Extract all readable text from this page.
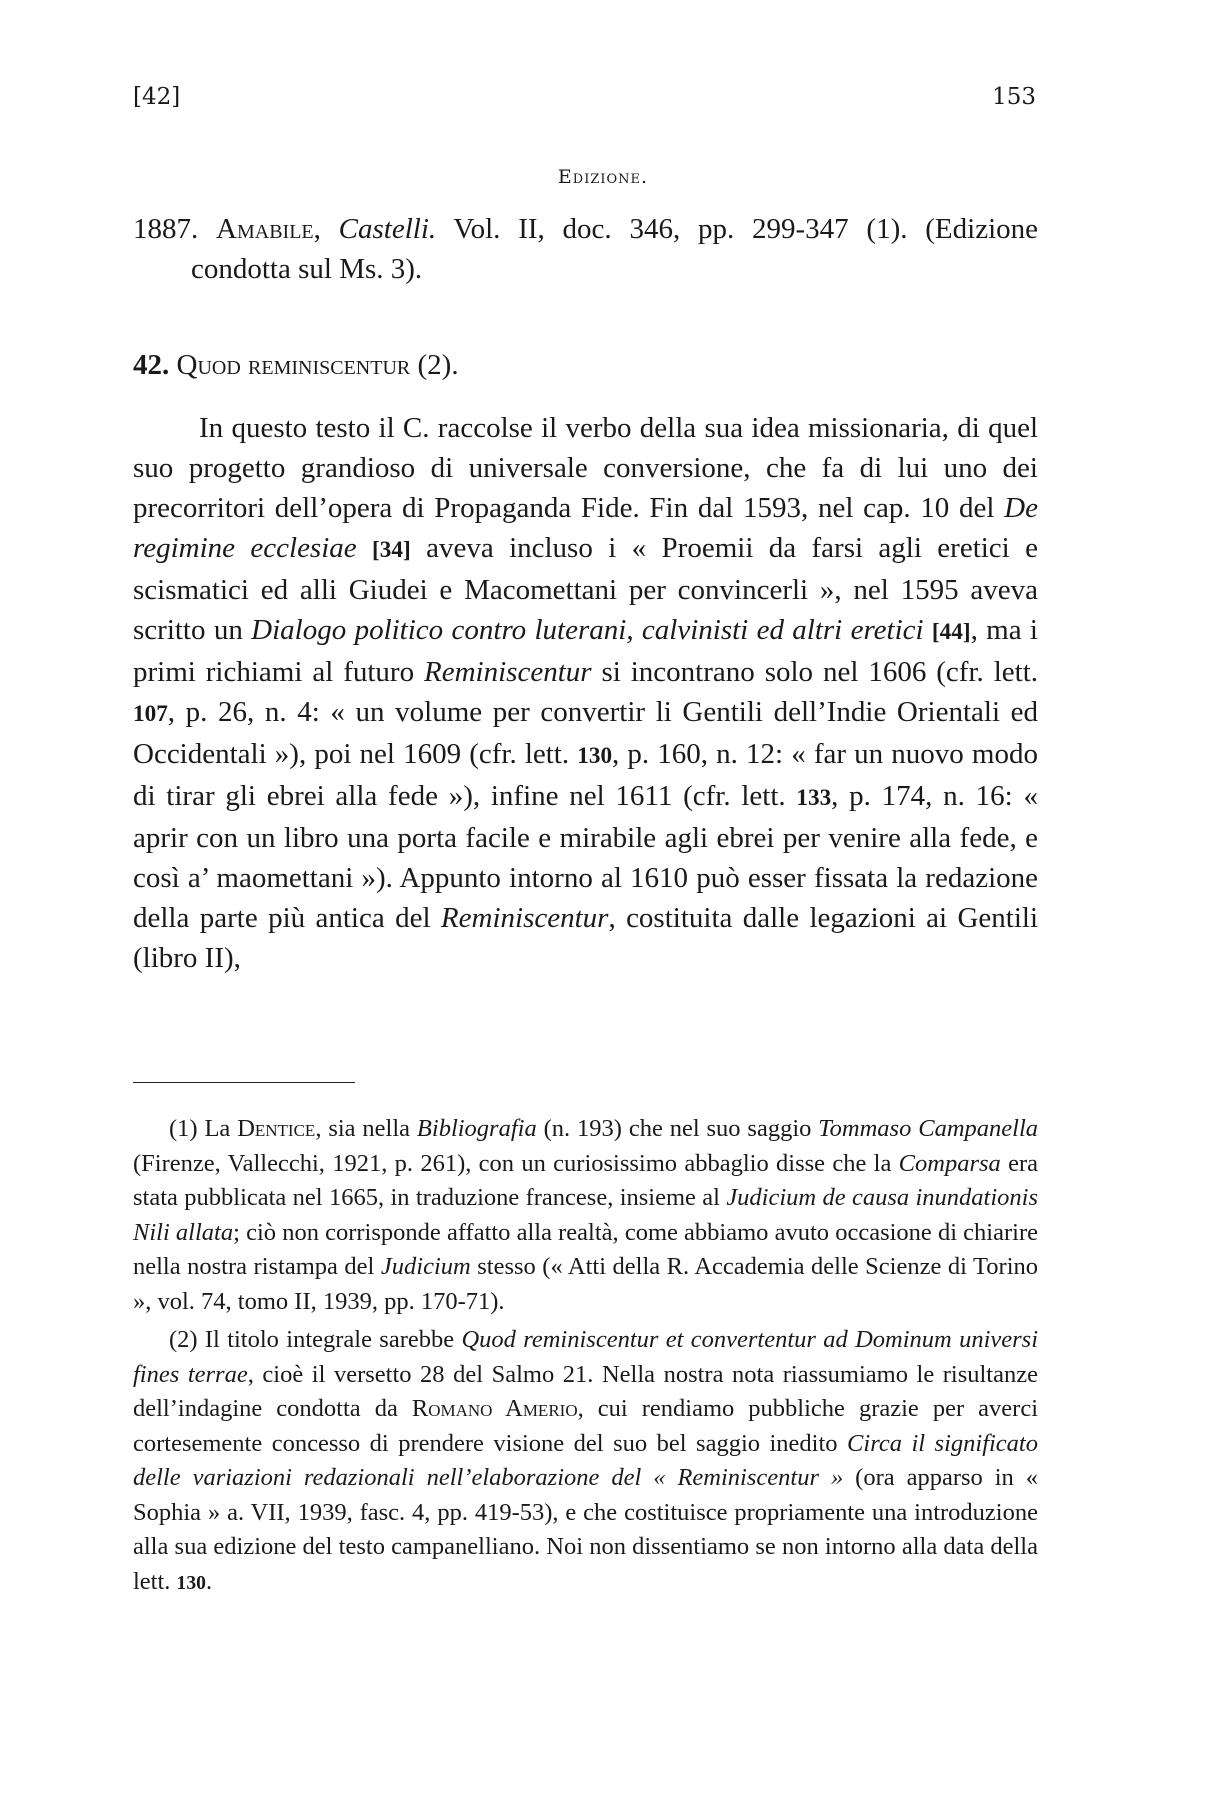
[42]	153
Edizione.

1887. Amabile, Castelli. Vol. II, doc. 346, pp. 299-347 (1). (Edizione condotta sul Ms. 3).

42. Quod reminiscentur (2).

In questo testo il C. raccolse il verbo della sua idea missionaria, di quel suo progetto grandioso di universale conversione, che fa di lui uno dei precorritori dell’opera di Propaganda Fide. Fin dal 1593, nel cap. 10 del De regimine ecclesiae [34] aveva incluso i « Proemii da farsi agli eretici e scismatici ed alli Giudei e Macomettani per convincerli », nel 1595 aveva scritto un Dialogo politico contro luterani, calvinisti ed altri eretici [44], ma i primi richiami al futuro Reminiscentur si incontrano solo nel 1606 (cfr. lett. 107, p. 26, n. 4: « un volume per convertir li Gentili dell’Indie Orientali ed Occidentali »), poi nel 1609 (cfr. lett. 130, p. 160, n. 12: « far un nuovo modo di tirar gli ebrei alla fede »), infine nel 1611 (cfr. lett. 133, p. 174, n. 16: « aprir con un libro una porta facile e mirabile agli ebrei per venire alla fede, e così a’ maomettani »). Appunto intorno al 1610 può esser fissata la redazione della parte più antica del Reminiscentur, costituita dalle legazioni ai Gentili (libro II),

(1) La Dentice, sia nella Bibliografia (n. 193) che nel suo saggio Tommaso Campanella (Firenze, Vallecchi, 1921, p. 261), con un curiosissimo abbaglio disse che la Comparsa era stata pubblicata nel 1665, in traduzione francese, insieme al Judicium de causa inundationis Nili allata; ciò non corrisponde affatto alla realtà, come abbiamo avuto occasione di chiarire nella nostra ristampa del Judicium stesso (« Atti della R. Accademia delle Scienze di Torino », vol. 74, tomo II, 1939, pp. 170-71).

(2) Il titolo integrale sarebbe Quod reminiscentur et convertentur ad Dominum universi fines terrae, cioè il versetto 28 del Salmo 21. Nella nostra nota riassumiamo le risultanze dell’indagine condotta da Romano Amerio, cui rendiamo pubbliche grazie per averci cortesemente concesso di prendere visione del suo bel saggio inedito Circa il significato delle variazioni redazionali nell’elaborazione del « Reminiscentur » (ora apparso in « Sophia » a. VII, 1939, fasc. 4, pp. 419-53), e che costituisce propriamente una introduzione alla sua edizione del testo campanelliano. Noi non dissentiamo se non intorno alla data della lett. 130.
